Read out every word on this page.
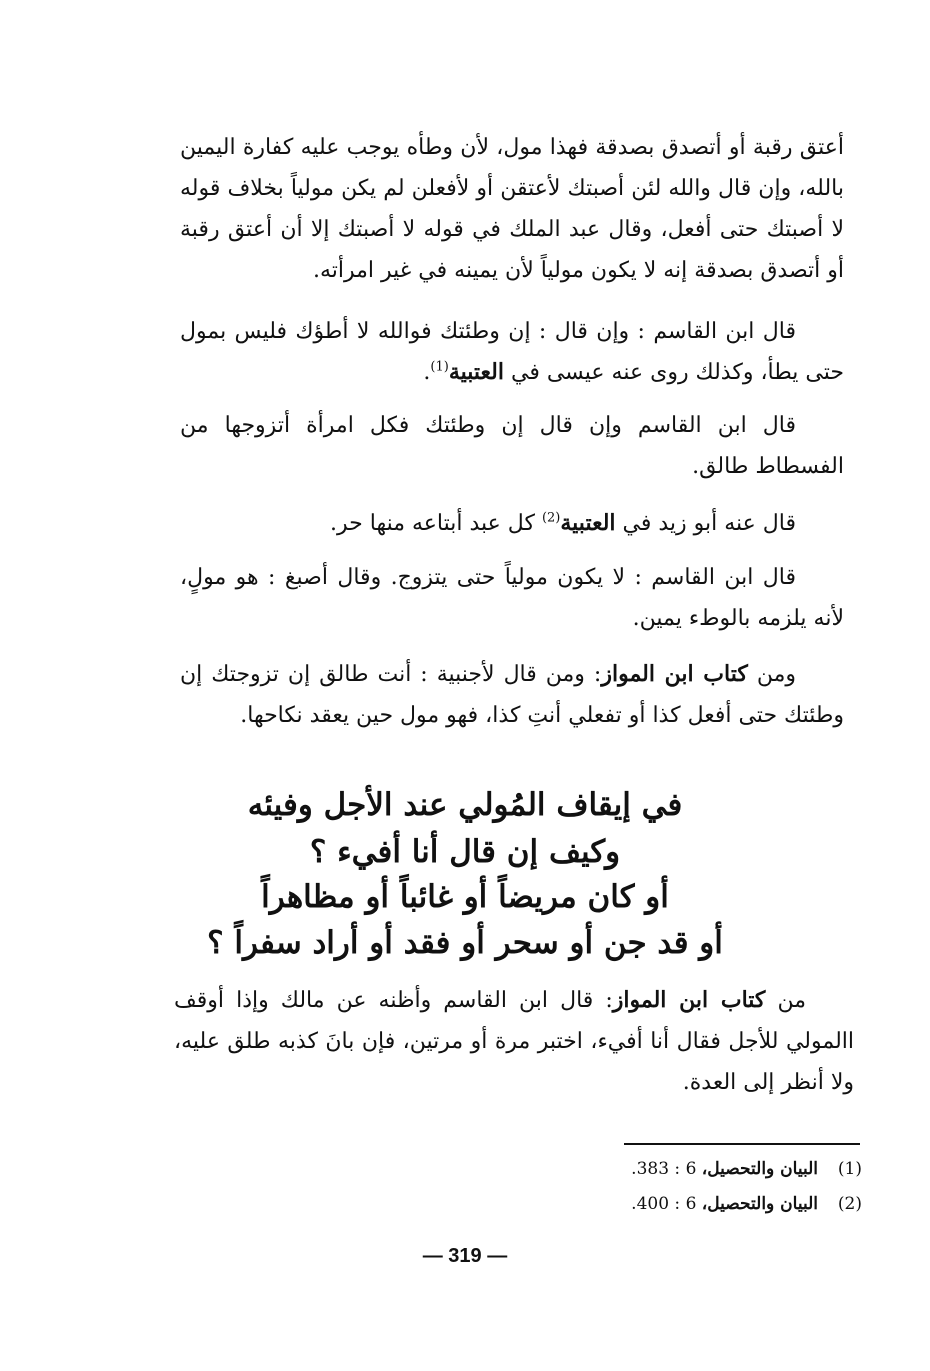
أعتق رقبة أو أتصدق بصدقة فهذا مول، لأن وطأه يوجب عليه كفارة اليمين بالله، وإن قال والله لئن أصبتك لأعتقن أو لأفعلن لم يكن مولياً بخلاف قوله لا أصبتك حتى أفعل، وقال عبد الملك في قوله لا أصبتك إلا أن أعتق رقبة أو أتصدق بصدقة إنه لا يكون مولياً لأن يمينه في غير امرأته.

قال ابن القاسم : وإن قال : إن وطئتك فوالله لا أطؤك فليس بمول حتى يطأ، وكذلك روى عنه عيسى في العتبية$^{(1)}$.

قال ابن القاسم وإن قال إن وطئتك فكل امرأة أتزوجها من الفسطاط طالق.

قال عنه أبو زيد في العتبية$^{(2)}$ كل عبد أبتاعه منها حر.

قال ابن القاسم : لا يكون مولياً حتى يتزوج. وقال أصبغ : هو مولٍ، لأنه يلزمه بالوطء يمين.

ومن كتاب ابن المواز: ومن قال لأجنبية : أنت طالق إن تزوجتك إن وطئتك حتى أفعل كذا أو تفعلي أنتِ كذا، فهو مول حين يعقد نكاحها.

في إيقاف المُولي عند الأجل وفيئه

وكيف إن قال أنا أفيء ؟

أو كان مريضاً أو غائباً أو مظاهراً

أو قد جن أو سحر أو فقد أو أراد سفراً ؟

من كتاب ابن المواز: قال ابن القاسم وأظنه عن مالك وإذا أوقف االمولي للأجل فقال أنا أفيء، اختبر مرة أو مرتين، فإن بانَ كذبه طلق عليه، ولا أنظر إلى العدة.

(1)البيان والتحصيل، 6 : 383.

(2)البيان والتحصيل، 6 : 400.

— 319 —
